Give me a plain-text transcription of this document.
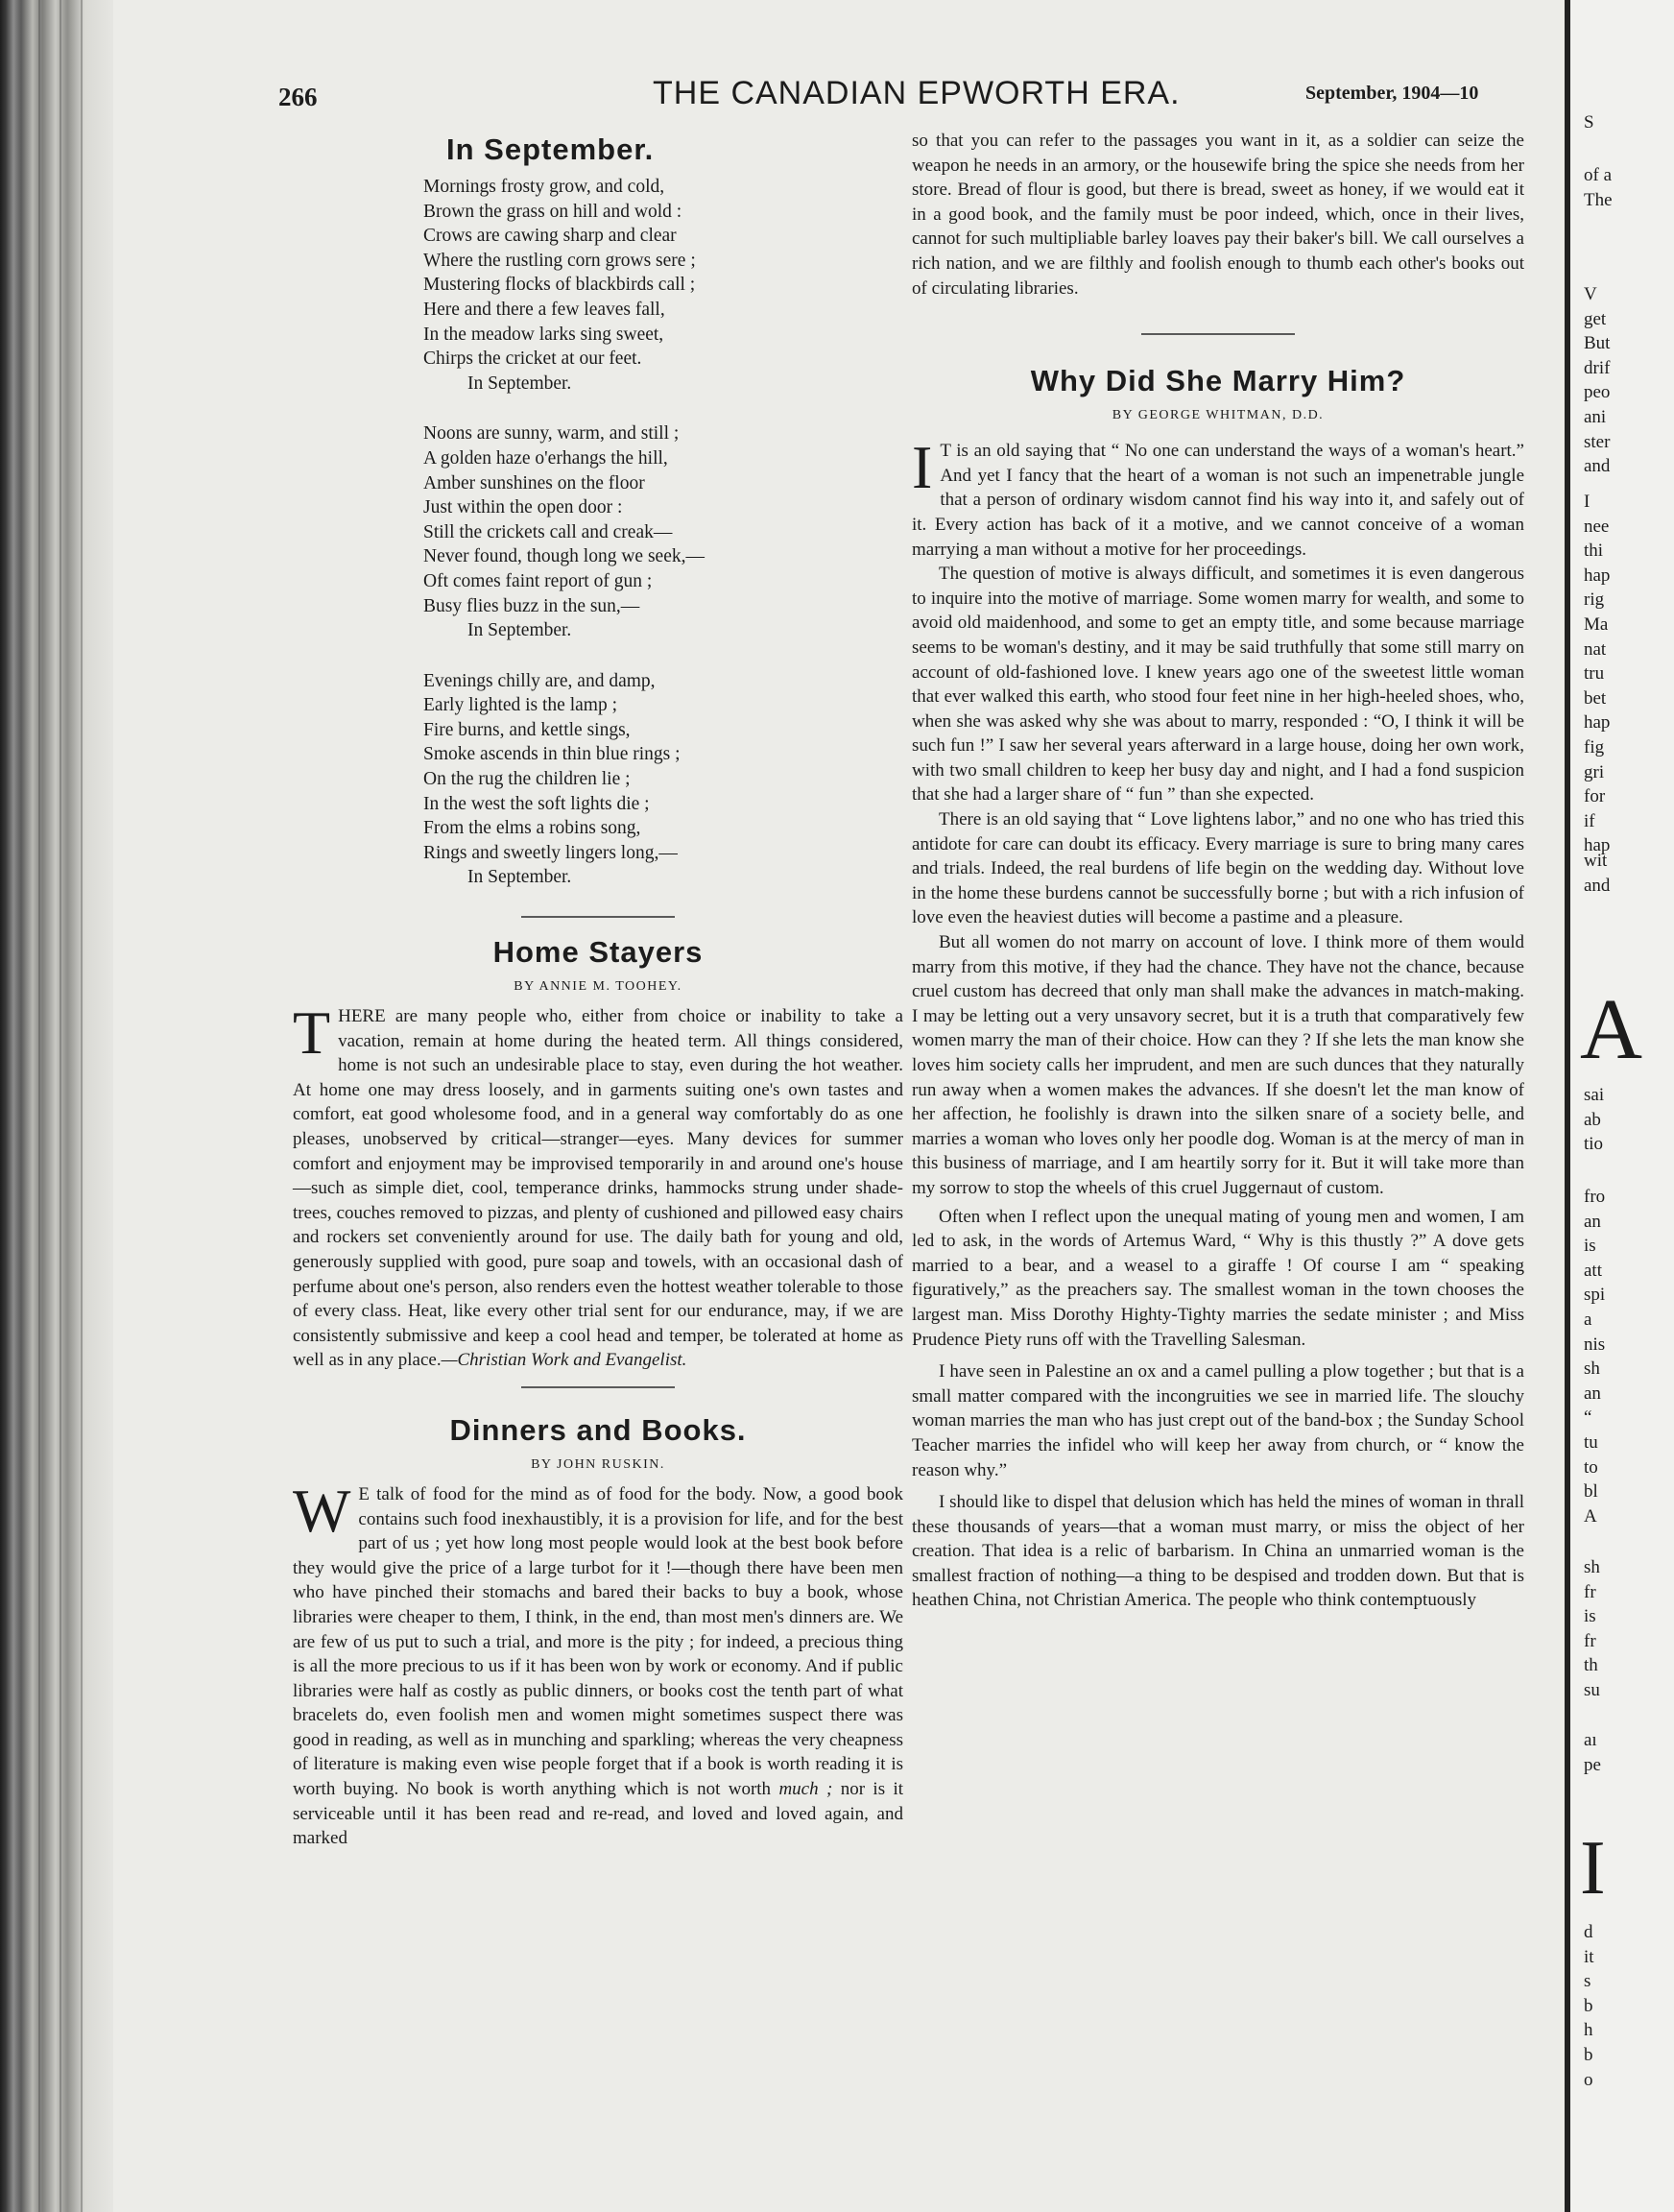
266	THE CANADIAN EPWORTH ERA.	September, 1904—10
In September.
Mornings frosty grow, and cold,
Brown the grass on hill and wold :
Crows are cawing sharp and clear
Where the rustling corn grows sere ;
Mustering flocks of blackbirds call ;
Here and there a few leaves fall,
In the meadow larks sing sweet,
Chirps the cricket at our feet.
In September.
Noons are sunny, warm, and still ;
A golden haze o'erhangs the hill,
Amber sunshines on the floor
Just within the open door :
Still the crickets call and creak—
Never found, though long we seek,—
Oft comes faint report of gun ;
Busy flies buzz in the sun,—
In September.
Evenings chilly are, and damp,
Early lighted is the lamp ;
Fire burns, and kettle sings,
Smoke ascends in thin blue rings ;
On the rug the children lie ;
In the west the soft lights die ;
From the elms a robins song,
Rings and sweetly lingers long,—
In September.
Home Stayers
BY ANNIE M. TOOHEY.

THERE are many people who, either from choice or inability to take a vacation, remain at home during the heated term. All things considered, home is not such an undesirable place to stay, even during the hot weather. At home one may dress loosely, and in garments suiting one's own tastes and comfort, eat good wholesome food, and in a general way comfortably do as one pleases, unobserved by critical—stranger—eyes. Many devices for summer comfort and enjoyment may be improvised temporarily in and around one's house—such as simple diet, cool, temperance drinks, hammocks strung under shade-trees, couches removed to pizzas, and plenty of cushioned and pillowed easy chairs and rockers set conveniently around for use. The daily bath for young and old, generously supplied with good, pure soap and towels, with an occasional dash of perfume about one's person, also renders even the hottest weather tolerable to those of every class. Heat, like every other trial sent for our endurance, may, if we are consistently submissive and keep a cool head and temper, be tolerated at home as well as in any place.—Christian Work and Evangelist.

Dinners and Books.
BY JOHN RUSKIN.

W E talk of food for the mind as of food for the body. Now, a good book contains such food inexhaustibly, it is a provision for life, and for the best part of us ; yet how long most people would look at the best book before they would give the price of a large turbot for it !—though there have been men who have pinched their stomachs and bared their backs to buy a book, whose libraries were cheaper to them, I think, in the end, than most men's dinners are. We are few of us put to such a trial, and more is the pity ; for indeed, a precious thing is all the more precious to us if it has been won by work or economy. And if public libraries were half as costly as public dinners, or books cost the tenth part of what bracelets do, even foolish men and women might sometimes suspect there was good in reading, as well as in munching and sparkling; whereas the very cheapness of literature is making even wise people forget that if a book is worth reading it is worth buying. No book is worth anything which is not worth much ; nor is it serviceable until it has been read and re-read, and loved and loved again, and marked

so that you can refer to the passages you want in it, as a soldier can seize the weapon he needs in an armory, or the housewife bring the spice she needs from her store. Bread of flour is good, but there is bread, sweet as honey, if we would eat it in a good book, and the family must be poor indeed, which, once in their lives, cannot for such multipliable barley loaves pay their baker's bill. We call ourselves a rich nation, and we are filthly and foolish enough to thumb each other's books out of circulating libraries.

Why Did She Marry Him?
BY GEORGE WHITMAN, D.D.

I T is an old saying that “ No one can understand the ways of a woman's heart.” And yet I fancy that the heart of a woman is not such an impenetrable jungle that a person of ordinary wisdom cannot find his way into it, and safely out of it. Every action has back of it a motive, and we cannot conceive of a woman marrying a man without a motive for her proceedings.

The question of motive is always difficult, and sometimes it is even dangerous to inquire into the motive of marriage. Some women marry for wealth, and some to avoid old maidenhood, and some to get an empty title, and some because marriage seems to be woman's destiny, and it may be said truthfully that some still marry on account of old-fashioned love. I knew years ago one of the sweetest little woman that ever walked this earth, who stood four feet nine in her high-heeled shoes, who, when she was asked why she was about to marry, responded : “O, I think it will be such fun !” I saw her several years afterward in a large house, doing her own work, with two small children to keep her busy day and night, and I had a fond suspicion that she had a larger share of “ fun ” than she expected.

There is an old saying that “ Love lightens labor,” and no one who has tried this antidote for care can doubt its efficacy. Every marriage is sure to bring many cares and trials. Indeed, the real burdens of life begin on the wedding day. Without love in the home these burdens cannot be successfully borne ; but with a rich infusion of love even the heaviest duties will become a pastime and a pleasure.

But all women do not marry on account of love. I think more of them would marry from this motive, if they had the chance. They have not the chance, because cruel custom has decreed that only man shall make the advances in match-making. I may be letting out a very unsavory secret, but it is a truth that comparatively few women marry the man of their choice. How can they ? If she lets the man know she loves him society calls her imprudent, and men are such dunces that they naturally run away when a women makes the advances. If she doesn't let the man know of her affection, he foolishly is drawn into the silken snare of a society belle, and marries a woman who loves only her poodle dog. Woman is at the mercy of man in this business of marriage, and I am heartily sorry for it. But it will take more than my sorrow to stop the wheels of this cruel Juggernaut of custom.

Often when I reflect upon the unequal mating of young men and women, I am led to ask, in the words of Artemus Ward, “ Why is this thustly ?” A dove gets married to a bear, and a weasel to a giraffe ! Of course I am “ speaking figuratively,” as the preachers say. The smallest woman in the town chooses the largest man. Miss Dorothy Highty-Tighty marries the sedate minister ; and Miss Prudence Piety runs off with the Travelling Salesman.

I have seen in Palestine an ox and a camel pulling a plow together ; but that is a small matter compared with the incongruities we see in married life. The slouchy woman marries the man who has just crept out of the band-box ; the Sunday School Teacher marries the infidel who will keep her away from church, or “ know the reason why.”

I should like to dispel that delusion which has held the mines of woman in thrall these thousands of years—that a woman must marry, or miss the object of her creation. That idea is a relic of barbarism. In China an unmarried woman is the smallest fraction of nothing—a thing to be despised and trodden down. But that is heathen China, not Christian America. The people who think contemptuously

S
of a
The
V
get
But
drif
peo
ani
ster
and
I
nee
thi
hap
rig
Ma
nat
tru
bet
hap
fig
gri
for
if
hap
wit
and
A
sai
ab
tio
fro
an
is
att
spi
a
nis
sh
an
“
tu
to
bl
A
sh
fr
is
fr
th
su
aı
pe
I
d
it
s
b
h
b
o
